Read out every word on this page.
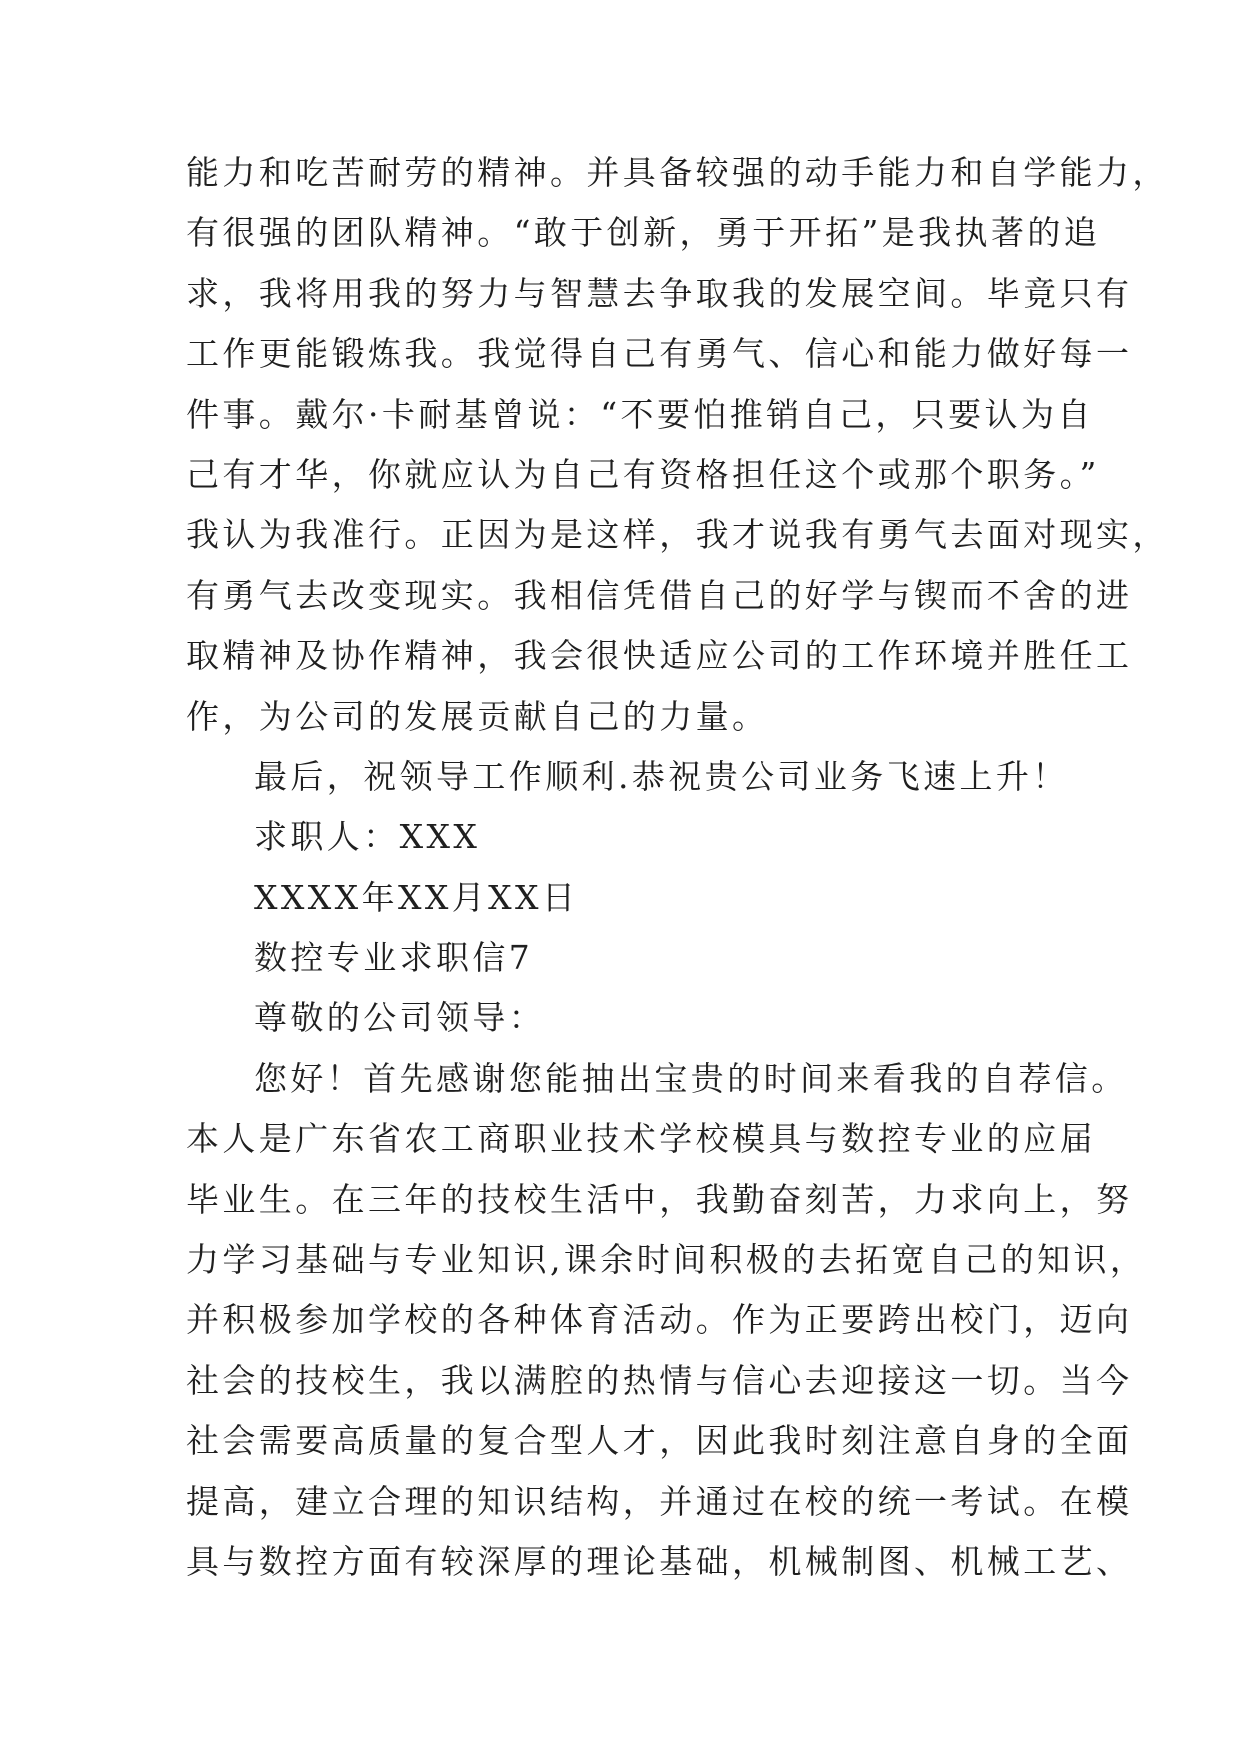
能力和吃苦耐劳的精神。并具备较强的动手能力和自学能力，
有很强的团队精神。“敢于创新，勇于开拓”是我执著的追
求，我将用我的努力与智慧去争取我的发展空间。毕竟只有
工作更能锻炼我。我觉得自己有勇气、信心和能力做好每一
件事。戴尔·卡耐基曾说：“不要怕推销自己，只要认为自
己有才华，你就应认为自己有资格担任这个或那个职务。”
我认为我准行。正因为是这样，我才说我有勇气去面对现实，
有勇气去改变现实。我相信凭借自己的好学与锲而不舍的进
取精神及协作精神，我会很快适应公司的工作环境并胜任工
作，为公司的发展贡献自己的力量。
最后，祝领导工作顺利.恭祝贵公司业务飞速上升！
求职人：XXX
XXXX年XX月XX日
数控专业求职信7
尊敬的公司领导：
您好！首先感谢您能抽出宝贵的时间来看我的自荐信。
本人是广东省农工商职业技术学校模具与数控专业的应届
毕业生。在三年的技校生活中，我勤奋刻苦，力求向上，努
力学习基础与专业知识,课余时间积极的去拓宽自己的知识，
并积极参加学校的各种体育活动。作为正要跨出校门，迈向
社会的技校生，我以满腔的热情与信心去迎接这一切。当今
社会需要高质量的复合型人才，因此我时刻注意自身的全面
提高，建立合理的知识结构，并通过在校的统一考试。在模
具与数控方面有较深厚的理论基础，机械制图、机械工艺、
